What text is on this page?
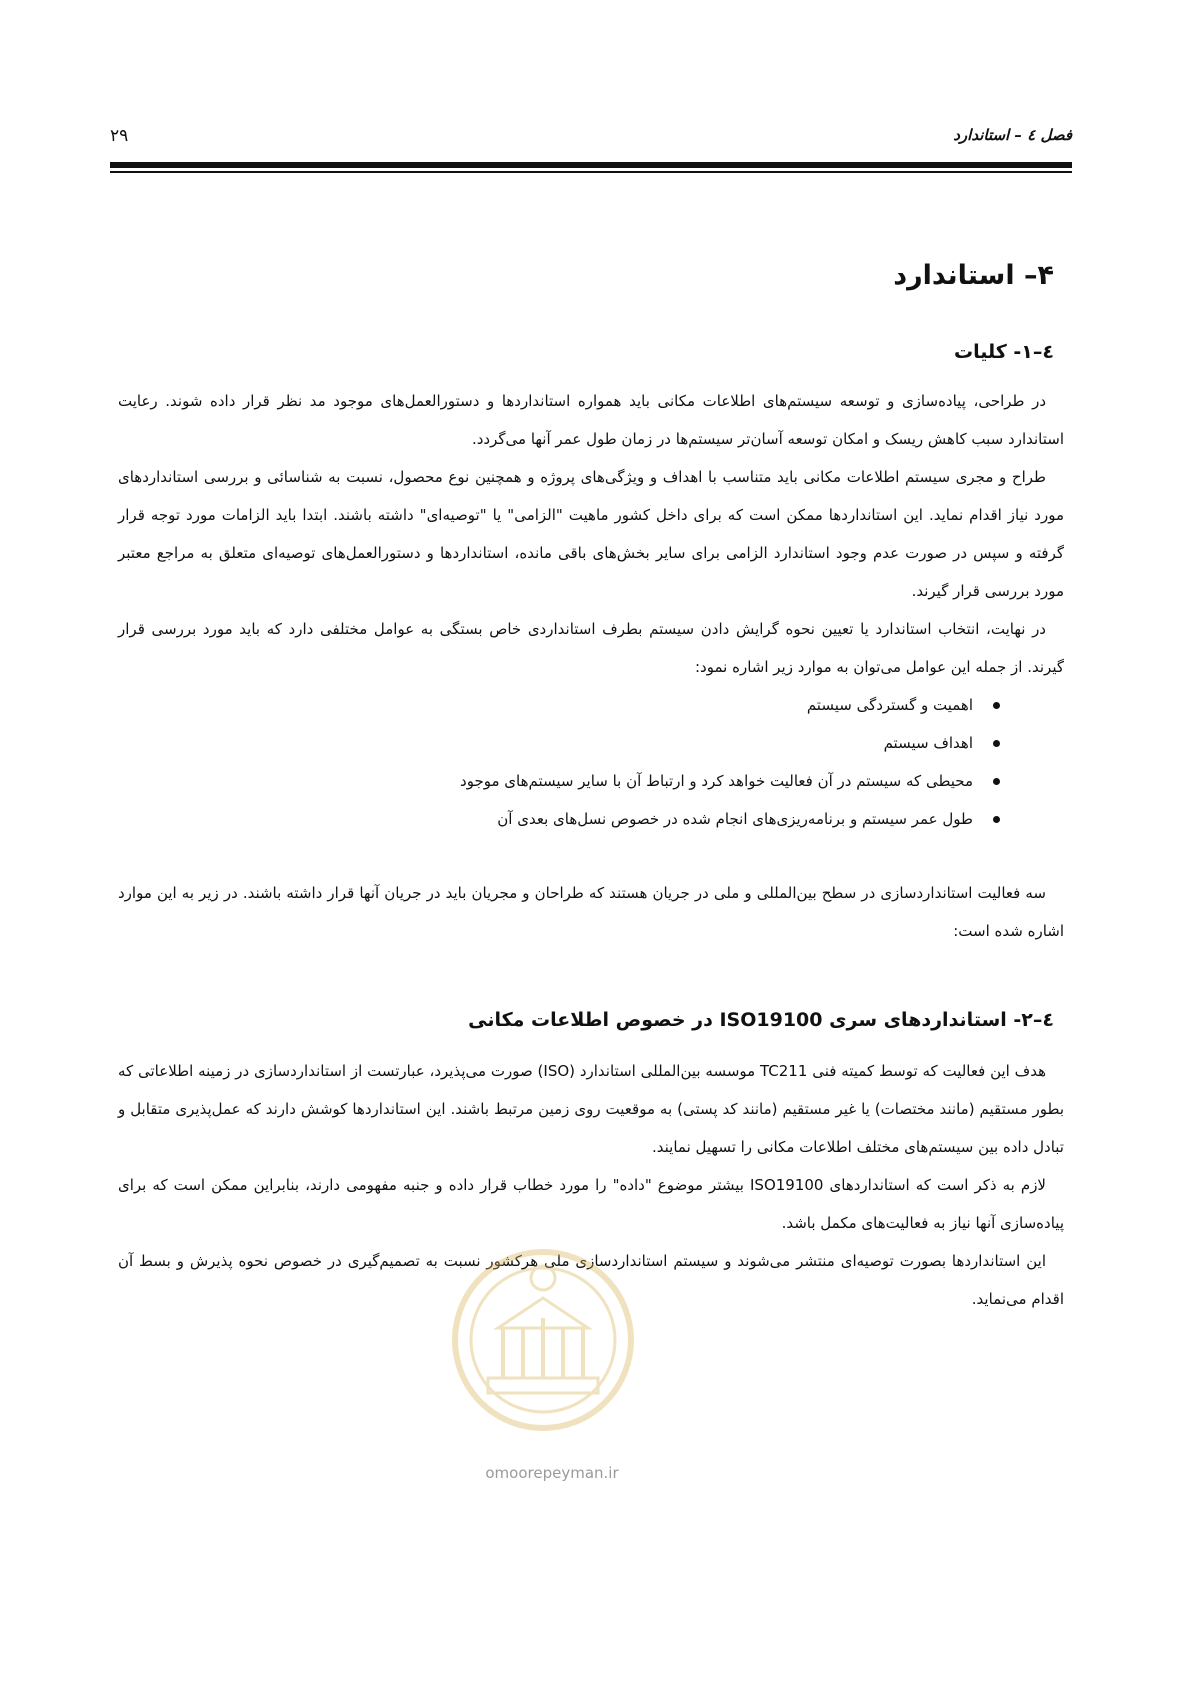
۲۹	فصل ٤ – استاندارد
۴– استاندارد
٤–۱- کلیات

در طراحی، پیاده‌سازی و توسعه سیستم‌های اطلاعات مکانی باید همواره استانداردها و دستورالعمل‌های موجود مد نظر قرار داده شوند. رعایت استاندارد سبب کاهش ریسک و امکان توسعه آسان‌تر سیستم‌ها در زمان طول عمر آنها می‌گردد.

طراح و مجری سیستم اطلاعات مکانی باید متناسب با اهداف و ویژگی‌های پروژه و همچنین نوع محصول، نسبت به شناسائی و بررسی استانداردهای مورد نیاز اقدام نماید. این استانداردها ممکن است که برای داخل کشور ماهیت "الزامی" یا "توصیه‌ای" داشته باشند. ابتدا باید الزامات مورد توجه قرار گرفته و سپس در صورت عدم وجود استاندارد الزامی برای سایر بخش‌های باقی مانده، استانداردها و دستورالعمل‌های توصیه‌ای متعلق به مراجع معتبر مورد بررسی قرار گیرند.

در نهایت، انتخاب استاندارد یا تعیین نحوه گرایش دادن سیستم بطرف استانداردی خاص بستگی به عوامل مختلفی دارد که باید مورد بررسی قرار گیرند. از جمله این عوامل می‌توان به موارد زیر اشاره نمود:

اهمیت و گستردگی سیستم
اهداف سیستم
محیطی که سیستم در آن فعالیت خواهد کرد و ارتباط آن با سایر سیستم‌های موجود
طول عمر سیستم و برنامه‌ریزی‌های انجام شده در خصوص نسل‌های بعدی آن

سه فعالیت استانداردسازی در سطح بین‌المللی و ملی در جریان هستند که طراحان و مجریان باید در جریان آنها قرار داشته باشند. در زیر به این موارد اشاره شده است:

٤–۲- استانداردهای سری ISO19100 در خصوص اطلاعات مکانی

هدف این فعالیت که توسط کمیته فنی TC211 موسسه بین‌المللی استاندارد (ISO) صورت می‌پذیرد، عبارتست از استانداردسازی در زمینه اطلاعاتی که بطور مستقیم (مانند مختصات) یا غیر مستقیم (مانند کد پستی) به موقعیت روی زمین مرتبط باشند. این استانداردها کوشش دارند که عمل‌پذیری متقابل و تبادل داده بین سیستم‌های مختلف اطلاعات مکانی را تسهیل نمایند.

لازم به ذکر است که استانداردهای ISO19100 بیشتر موضوع "داده" را مورد خطاب قرار داده و جنبه مفهومی دارند، بنابراین ممکن است که برای پیاده‌سازی آنها نیاز به فعالیت‌های مکمل باشد.

این استانداردها بصورت توصیه‌ای منتشر می‌شوند و سیستم استانداردسازی ملی هرکشور نسبت به تصمیم‌گیری در خصوص نحوه پذیرش و بسط آن اقدام می‌نماید.

omoorepeyman.ir
